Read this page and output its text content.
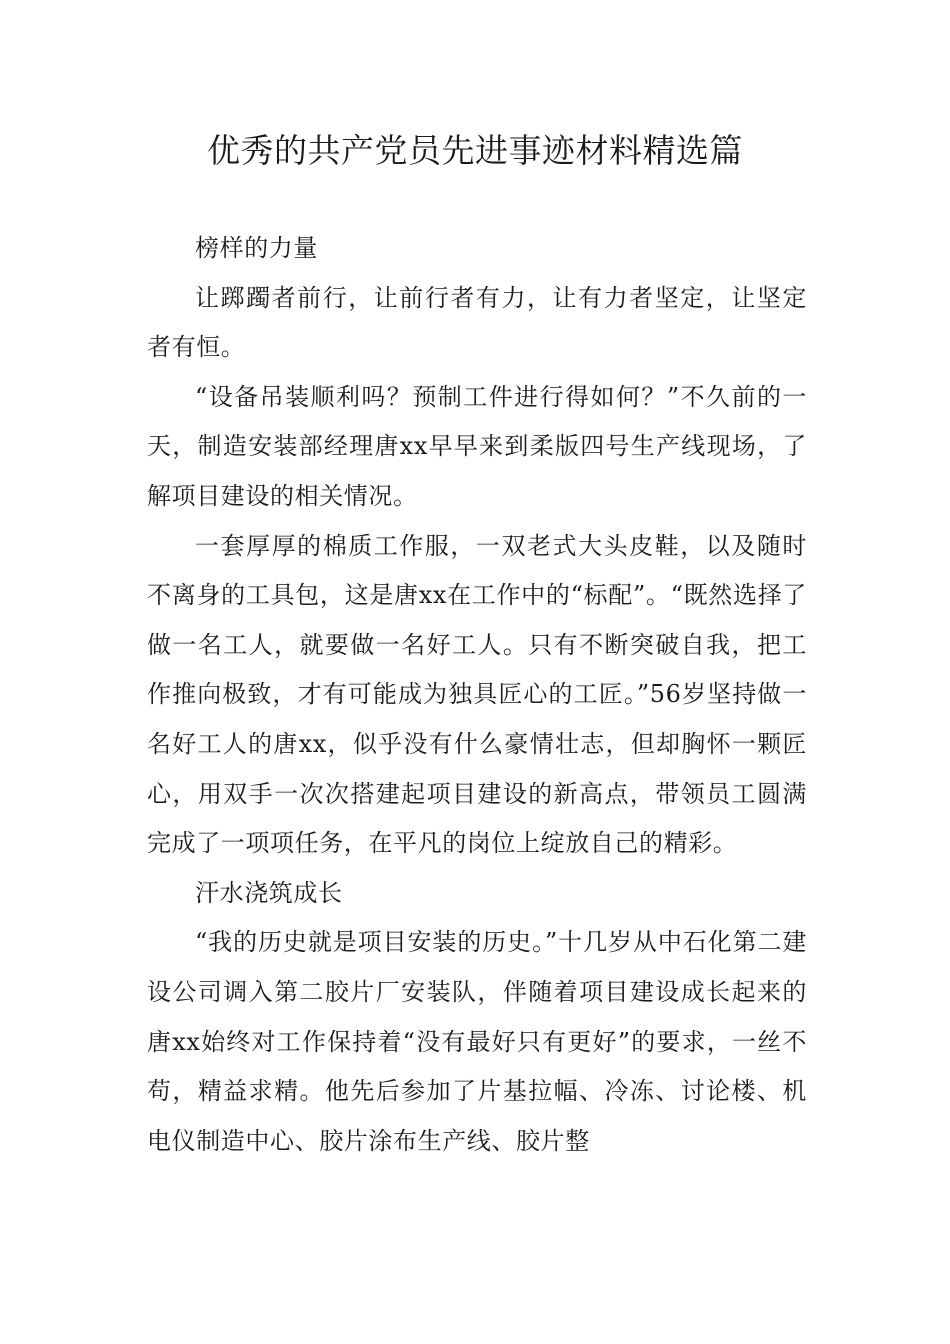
优秀的共产党员先进事迹材料精选篇

榜样的力量

让踯躅者前行，让前行者有力，让有力者坚定，让坚定者有恒。

“设备吊装顺利吗？预制工件进行得如何？”不久前的一天，制造安装部经理唐xx早早来到柔版四号生产线现场，了解项目建设的相关情况。

一套厚厚的棉质工作服，一双老式大头皮鞋，以及随时不离身的工具包，这是唐xx在工作中的“标配”。“既然选择了做一名工人，就要做一名好工人。只有不断突破自我，把工作推向极致，才有可能成为独具匠心的工匠。”56岁坚持做一名好工人的唐xx，似乎没有什么豪情壮志，但却胸怀一颗匠心，用双手一次次搭建起项目建设的新高点，带领员工圆满完成了一项项任务，在平凡的岗位上绽放自己的精彩。

汗水浇筑成长

“我的历史就是项目安装的历史。”十几岁从中石化第二建设公司调入第二胶片厂安装队，伴随着项目建设成长起来的唐xx始终对工作保持着“没有最好只有更好”的要求，一丝不苟，精益求精。他先后参加了片基拉幅、冷冻、讨论楼、机电仪制造中心、胶片涂布生产线、胶片整
